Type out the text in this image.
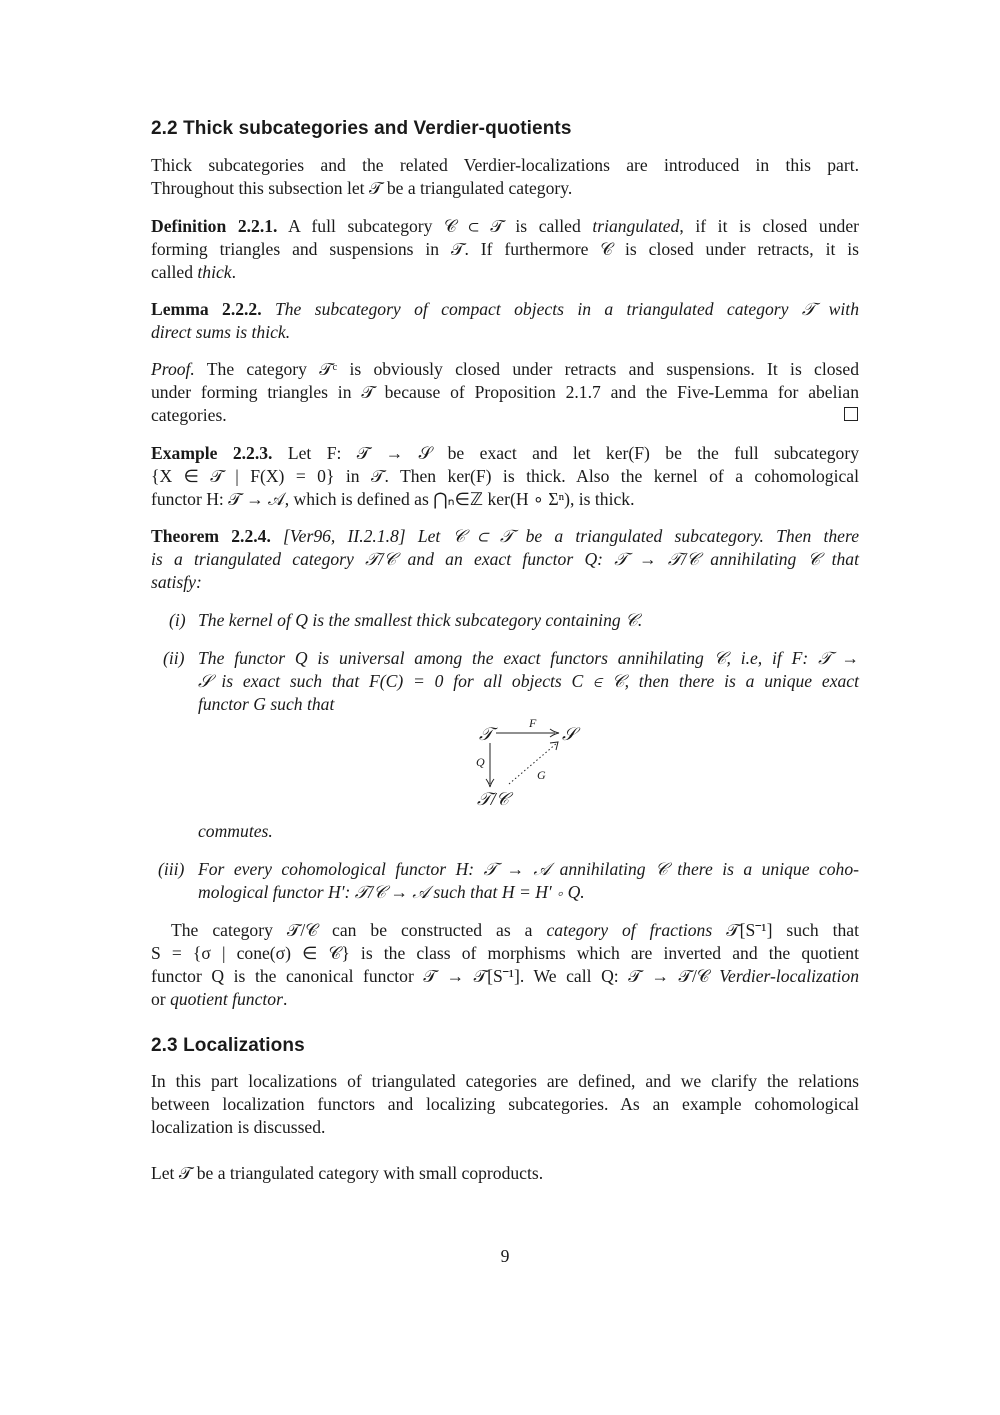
2.2 Thick subcategories and Verdier-quotients
Thick subcategories and the related Verdier-localizations are introduced in this part.
Throughout this subsection let 𝒯 be a triangulated category.
Definition 2.2.1. A full subcategory 𝒞 ⊂ 𝒯 is called triangulated, if it is closed under
forming triangles and suspensions in 𝒯. If furthermore 𝒞 is closed under retracts, it is
called thick.
Lemma 2.2.2. The subcategory of compact objects in a triangulated category 𝒯 with
direct sums is thick.
Proof. The category 𝒯ᶜ is obviously closed under retracts and suspensions. It is closed
under forming triangles in 𝒯 because of Proposition 2.1.7 and the Five-Lemma for abelian
categories.
Example 2.2.3. Let F: 𝒯 → 𝒮 be exact and let ker(F) be the full subcategory
{X ∈ 𝒯 | F(X) = 0} in 𝒯. Then ker(F) is thick. Also the kernel of a cohomological
functor H: 𝒯 → 𝒜, which is defined as ⋂ₙ∈ℤ ker(H ∘ Σⁿ), is thick.
Theorem 2.2.4. [Ver96, II.2.1.8] Let 𝒞 ⊂ 𝒯 be a triangulated subcategory. Then there
is a triangulated category 𝒯/𝒞 and an exact functor Q: 𝒯 → 𝒯/𝒞 annihilating 𝒞 that
satisfy:
(i) The kernel of Q is the smallest thick subcategory containing 𝒞.
(ii) The functor Q is universal among the exact functors annihilating 𝒞, i.e, if F: 𝒯 →
𝒮 is exact such that F(C) = 0 for all objects C ∈ 𝒞, then there is a unique exact
functor G such that
𝒯	𝒮
𝒯/𝒞
F
Q
G
commutes.
(iii) For every cohomological functor H: 𝒯 → 𝒜 annihilating 𝒞 there is a unique coho-
mological functor H′: 𝒯/𝒞 → 𝒜 such that H = H′ ∘ Q.
The category 𝒯/𝒞 can be constructed as a category of fractions 𝒯[S⁻¹] such that
S = {σ | cone(σ) ∈ 𝒞} is the class of morphisms which are inverted and the quotient
functor Q is the canonical functor 𝒯 → 𝒯[S⁻¹]. We call Q: 𝒯 → 𝒯/𝒞 Verdier-localization
or quotient functor.
2.3 Localizations
In this part localizations of triangulated categories are defined, and we clarify the relations
between localization functors and localizing subcategories. As an example cohomological
localization is discussed.
Let 𝒯 be a triangulated category with small coproducts.
9
